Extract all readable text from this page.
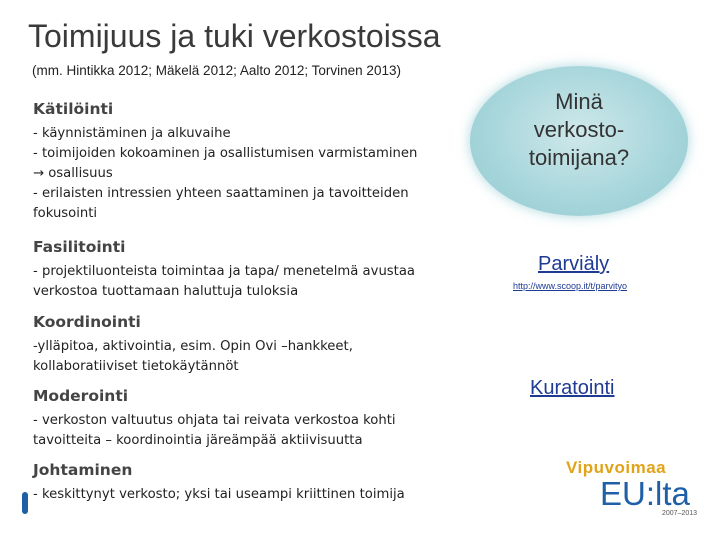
Toimijuus ja tuki verkostoissa
(mm. Hintikka 2012; Mäkelä 2012; Aalto 2012; Torvinen 2013)
Kätilöinti
- käynnistäminen ja alkuvaihe
- toimijoiden kokoaminen ja osallistumisen varmistaminen
→ osallisuus
- erilaisten intressien yhteen saattaminen ja tavoitteiden
fokusointi
Fasilitointi
- projektiluonteista toimintaa ja tapa/ menetelmä avustaa
verkostoa tuottamaan haluttuja tuloksia
Koordinointi
-ylläpitoa, aktivointia, esim. Opin Ovi –hankkeet,
kollaboratiiviset tietokäytännöt
Moderointi
- verkoston valtuutus ohjata tai reivata verkostoa kohti
tavoitteita – koordinointia järeämpää aktiivisuutta
Johtaminen
- keskittynyt verkosto; yksi tai useampi kriittinen toimija
Minä
verkosto-
toimijana?
Parviäly
http://www.scoop.it/t/parvityo
Kuratointi
Vipuvoimaa
EU:lta
2007–2013
